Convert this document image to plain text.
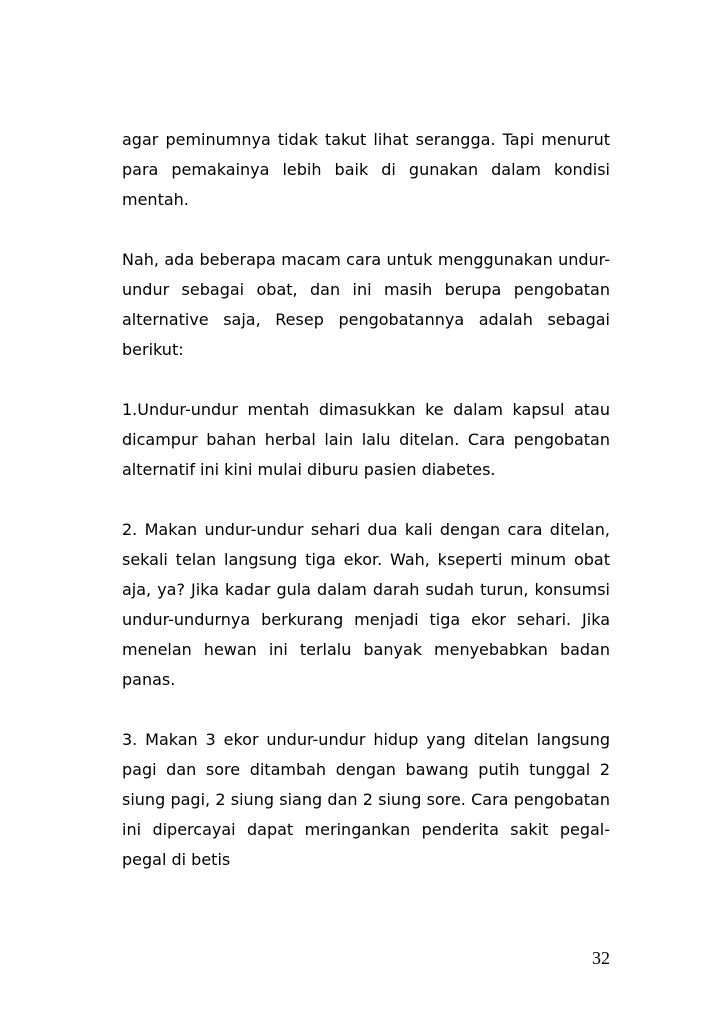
agar peminumnya tidak takut lihat serangga. Tapi menurut para pemakainya lebih baik di gunakan dalam kondisi mentah.

Nah, ada beberapa macam cara untuk menggunakan undur-undur sebagai obat, dan ini masih berupa pengobatan alternative saja, Resep pengobatannya adalah sebagai berikut:

1.Undur-undur mentah dimasukkan ke dalam kapsul atau dicampur bahan herbal lain lalu ditelan. Cara pengobatan alternatif ini kini mulai diburu pasien diabetes.

2. Makan undur-undur sehari dua kali dengan cara ditelan, sekali telan langsung tiga ekor. Wah, kseperti minum obat aja, ya? Jika kadar gula dalam darah sudah turun, konsumsi undur-undurnya berkurang menjadi tiga ekor sehari. Jika menelan hewan ini terlalu banyak menyebabkan badan panas.

3. Makan 3 ekor undur-undur hidup yang ditelan langsung pagi dan sore ditambah dengan bawang putih tunggal 2 siung pagi, 2 siung siang dan 2 siung sore. Cara pengobatan ini dipercayai dapat meringankan penderita sakit pegal-pegal di betis

32
